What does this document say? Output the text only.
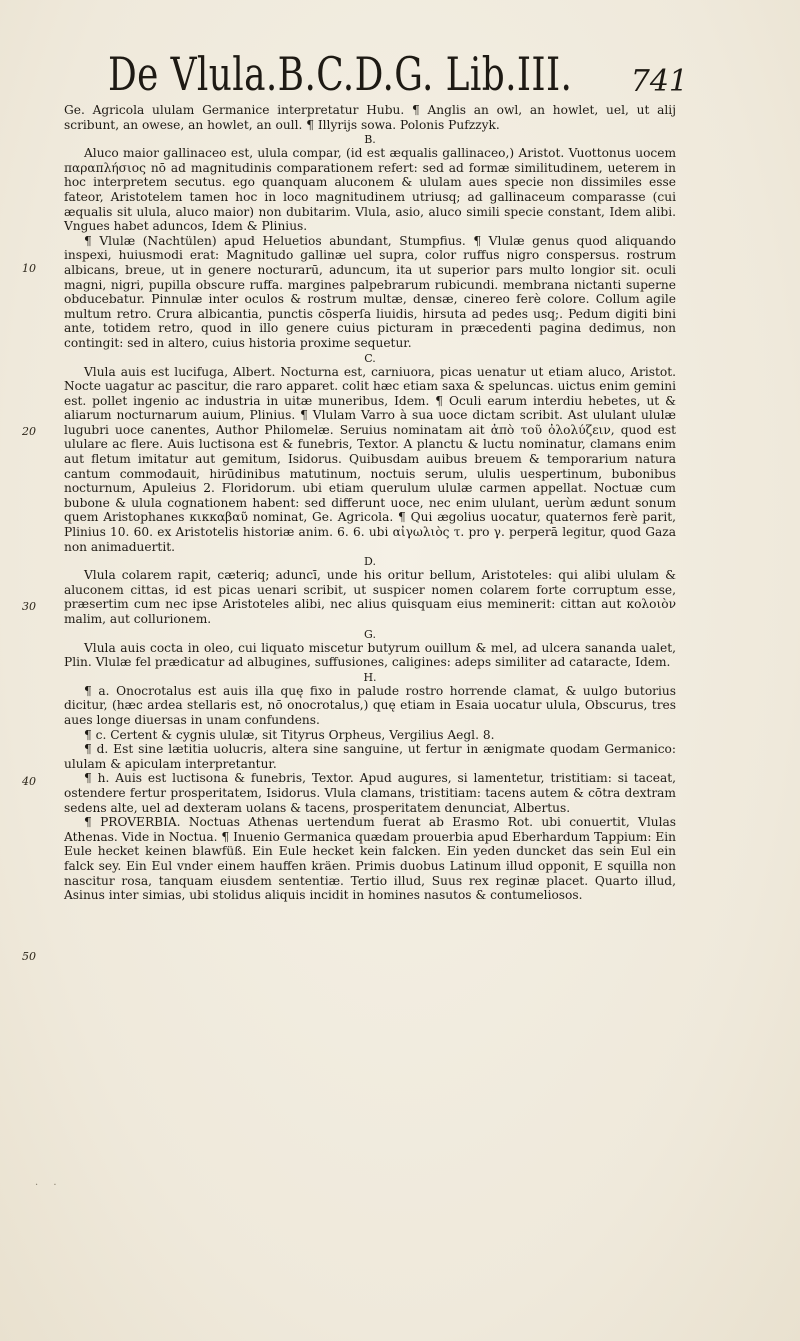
De Vlula.B.C.D.G. Lib.III. 741
10
20
30
40
50

Ge. Agricola ululam Germanice interpretatur Hubu. ¶ Anglis an owl, an howlet, uel, ut alij scribunt, an owese, an howlet, an oull. ¶ Illyrijs sowa. Polonis Pufzzyk.

B.

Aluco maior gallinaceo est, ulula compar, (id est æqualis gallinaceo,) Aristot. Vuottonus uocem παραπλήσιος nō ad magnitudinis comparationem refert: sed ad formæ similitudinem, ueterem in hoc interpretem secutus. ego quanquam aluconem & ululam aues specie non dissimiles esse fateor, Aristotelem tamen hoc in loco magnitudinem utriusq; ad gallinaceum comparasse (cui æqualis sit ulula, aluco maior) non dubitarim. Vlula, asio, aluco simili specie constant, Idem alibi. Vngues habet aduncos, Idem & Plinius.

¶ Vlulæ (Nachtülen) apud Heluetios abundant, Stumpfius. ¶ Vlulæ genus quod aliquando inspexi, huiusmodi erat: Magnitudo gallinæ uel supra, color ruffus nigro conspersus. rostrum albicans, breue, ut in genere nocturarū, aduncum, ita ut superior pars multo longior sit. oculi magni, nigri, pupilla obscure ruffa. margines palpebrarum rubicundi. membrana nictanti superne obducebatur. Pinnulæ inter oculos & rostrum multæ, densæ, cinereo ferè colore. Collum agile multum retro. Crura albicantia, punctis cōsperſa liuidis, hirsuta ad pedes usq;. Pedum digiti bini ante, totidem retro, quod in illo genere cuius picturam in præcedenti pagina dedimus, non contingit: sed in altero, cuius historia proxime sequetur.

C.

Vlula auis est lucifuga, Albert. Nocturna est, carniuora, picas uenatur ut etiam aluco, Aristot. Nocte uagatur ac pascitur, die raro apparet. colit hæc etiam saxa & speluncas. uictus enim gemini est. pollet ingenio ac industria in uitæ muneribus, Idem. ¶ Oculi earum interdiu hebetes, ut & aliarum nocturnarum auium, Plinius. ¶ Vlulam Varro à sua uoce dictam scribit. Ast ululant ululæ lugubri uoce canentes, Author Philomelæ. Seruius nominatam ait ἀπὸ τοῦ ὀλολύζειν, quod est ululare ac flere. Auis luctisona est & funebris, Textor. A planctu & luctu nominatur, clamans enim aut fletum imitatur aut gemitum, Isidorus. Quibusdam auibus breuem & temporarium natura cantum commodauit, hirūdinibus matutinum, noctuis serum, ululis uespertinum, bubonibus nocturnum, Apuleius 2. Floridorum. ubi etiam querulum ululæ carmen appellat. Noctuæ cum bubone & ulula cognationem habent: sed differunt uoce, nec enim ululant, uerùm ædunt sonum quem Aristophanes κικκαβαῦ nominat, Ge. Agricola. ¶ Qui ægolius uocatur, quaternos ferè parit, Plinius 10. 60. ex Aristotelis historiæ anim. 6. 6. ubi αἰγωλιὸς τ. pro γ. perperā legitur, quod Gaza non animaduertit.

D.

Vlula colarem rapit, cæteriq; aduncī, unde his oritur bellum, Aristoteles: qui alibi ululam & aluconem cittas, id est picas uenari scribit, ut suspicer nomen colarem forte corruptum esse, præsertim cum nec ipse Aristoteles alibi, nec alius quisquam eius meminerit: cittan aut κολοιὸν malim, aut collurionem.

G.

Vlula auis cocta in oleo, cui liquato miscetur butyrum ouillum & mel, ad ulcera sananda ualet, Plin. Vlulæ fel prædicatur ad albugines, suffusiones, caligines: adeps similiter ad cataracte, Idem.

H.

¶ a. Onocrotalus est auis illa quę fixo in palude rostro horrende clamat, & uulgo butorius dicitur, (hæc ardea stellaris est, nō onocrotalus,) quę etiam in Esaia uocatur ulula, Obscurus, tres aues longe diuersas in unam confundens.

¶ c. Certent & cygnis ululæ, sit Tityrus Orpheus, Vergilius Aegl. 8.

¶ d. Est sine lætitia uolucris, altera sine sanguine, ut fertur in ænigmate quodam Germanico: ululam & apiculam interpretantur.

¶ h. Auis est luctisona & funebris, Textor. Apud augures, si lamentetur, tristitiam: si taceat, ostendere fertur prosperitatem, Isidorus. Vlula clamans, tristitiam: tacens autem & cōtra dextram sedens alte, uel ad dexteram uolans & tacens, prosperitatem denunciat, Albertus.

¶ PROVERBIA. Noctuas Athenas uertendum fuerat ab Erasmo Rot. ubi conuertit, Vlulas Athenas. Vide in Noctua. ¶ Inuenio Germanica quædam prouerbia apud Eberhardum Tappium: Ein Eule hecket keinen blawfüß. Ein Eule hecket kein falcken. Ein yeden duncket das sein Eul ein falck sey. Ein Eul vnder einem hauffen kräen. Primis duobus Latinum illud opponit, E squilla non nascitur rosa, tanquam eiusdem sententiæ. Tertio illud, Suus rex reginæ placet. Quarto illud, Asinus inter simias, ubi stolidus aliquis incidit in homines nasutos & contumeliosos.

· ·
